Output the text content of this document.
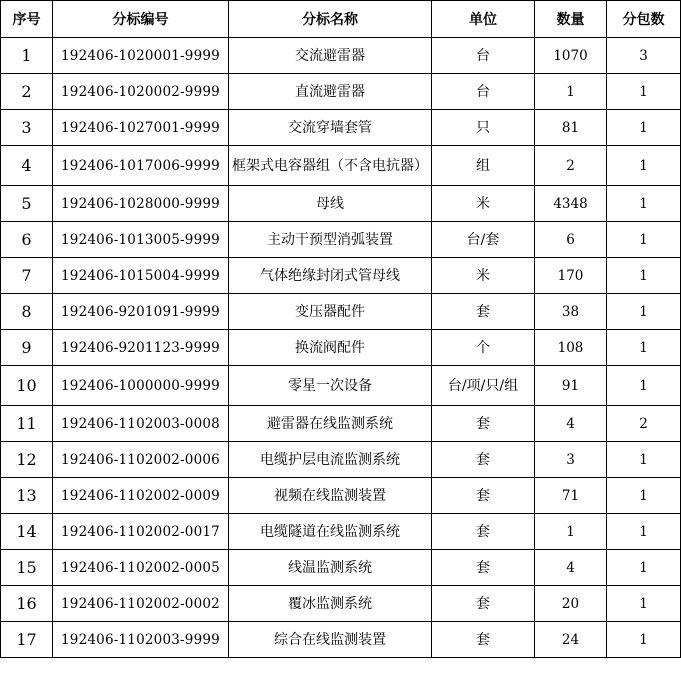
序号	分标编号	分标名称	单位	数量	分包数
1	192406-1020001-9999	交流避雷器	台	1070	3
2	192406-1020002-9999	直流避雷器	台	1	1
3	192406-1027001-9999	交流穿墙套管	只	81	1
4	192406-1017006-9999	框架式电容器组（不含电抗器）	组	2	1
5	192406-1028000-9999	母线	米	4348	1
6	192406-1013005-9999	主动干预型消弧装置	台/套	6	1
7	192406-1015004-9999	气体绝缘封闭式管母线	米	170	1
8	192406-9201091-9999	变压器配件	套	38	1
9	192406-9201123-9999	换流阀配件	个	108	1
10	192406-1000000-9999	零星一次设备	台/项/只/组	91	1
11	192406-1102003-0008	避雷器在线监测系统	套	4	2
12	192406-1102002-0006	电缆护层电流监测系统	套	3	1
13	192406-1102002-0009	视频在线监测装置	套	71	1
14	192406-1102002-0017	电缆隧道在线监测系统	套	1	1
15	192406-1102002-0005	线温监测系统	套	4	1
16	192406-1102002-0002	覆冰监测系统	套	20	1
17	192406-1102003-9999	综合在线监测装置	套	24	1
